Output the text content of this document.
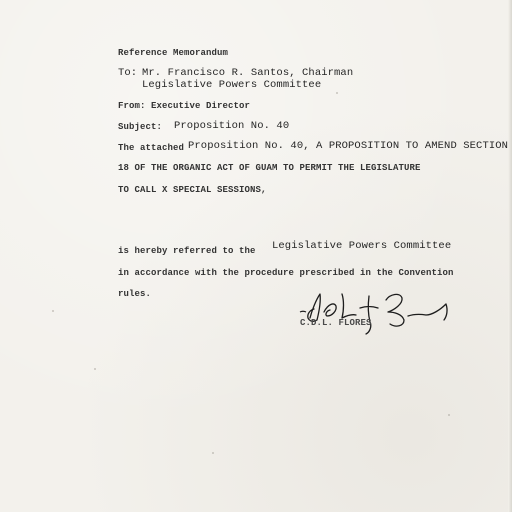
Reference Memorandum
To: Mr. Francisco R. Santos, Chairman
Legislative Powers Committee
From: Executive Director
Subject: Proposition No. 40
The attached Proposition No. 40, A PROPOSITION TO AMEND SECTION
18 OF THE ORGANIC ACT OF GUAM TO PERMIT THE LEGISLATURE
TO CALL X SPECIAL SESSIONS,
is hereby referred to the Legislative Powers Committee
in accordance with the procedure prescribed in the Convention
rules.
C.D.L. FLORES
